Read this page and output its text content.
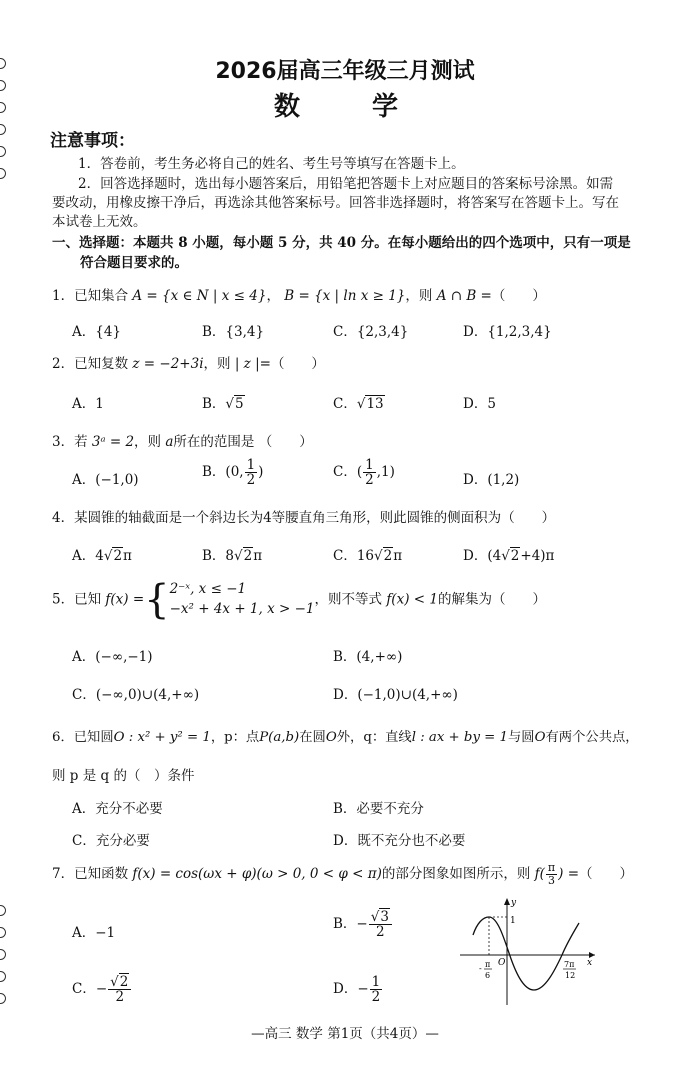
2026届高三年级三月测试
数  学
注意事项：
1．答卷前，考生务必将自己的姓名、考生号等填写在答题卡上。
2．回答选择题时，选出每小题答案后，用铅笔把答题卡上对应题目的答案标号涂黑。如需
要改动，用橡皮擦干净后，再选涂其他答案标号。回答非选择题时，将答案写在答题卡上。写在
本试卷上无效。
一、选择题：本题共 8 小题，每小题 5 分，共 40 分。在每小题给出的四个选项中，只有一项是
符合题目要求的。
1．已知集合 A = {x ∈ N | x ≤ 4}， B = {x | ln x ≥ 1}，则 A ∩ B =（　　）
A．{4}	B．{3,4}	C．{2,3,4}	D．{1,2,3,4}
2．已知复数 z = −2+3i，则 | z |=（　　）
A．1	B．√5	C．√13	D．5
3．若 3ᵃ = 2，则 a所在的范围是 （　　）
A．(−1,0)	B．(0, $\frac{1}{2}$ )	C．( $\frac{1}{2} ,1$)	D．(1,2)
4．某圆锥的轴截面是一个斜边长为4等腰直角三角形，则此圆锥的侧面积为（　　）
A．4√2π	B．8√2π	C．16√2π	D．(4√2+4)π
5．已知 f(x) ={ 2⁻ˣ, x ≤ −1
−x² + 4x + 1, x > −1
，则不等式 f(x) < 1的解集为（　　）
A．(−∞,−1)	B．(4,+∞)
C．(−∞,0)∪(4,+∞)	D．(−1,0)∪(4,+∞)
6．已知圆O : x² + y² = 1，p：点P(a,b)在圆O外，q：直线l : ax + by = 1与圆O有两个公共点，
则 p 是 q 的（　）条件
A．充分不必要	B．必要不充分
C．充分必要	D．既不充分也不必要
7．已知函数 f(x) = cos(ωx + φ)(ω > 0, 0 < φ < π)的部分图象如图所示，则 $f( \frac{\pi}{3}$ ) =（　　）
A．−1
B．− $\frac{√3}{2}$
C．− $\frac{√2}{2}$	D．− $\frac{1}{2}$
y
x
O
1
- π
6
7π
12
—高三 数学 第1页（共4页）—
